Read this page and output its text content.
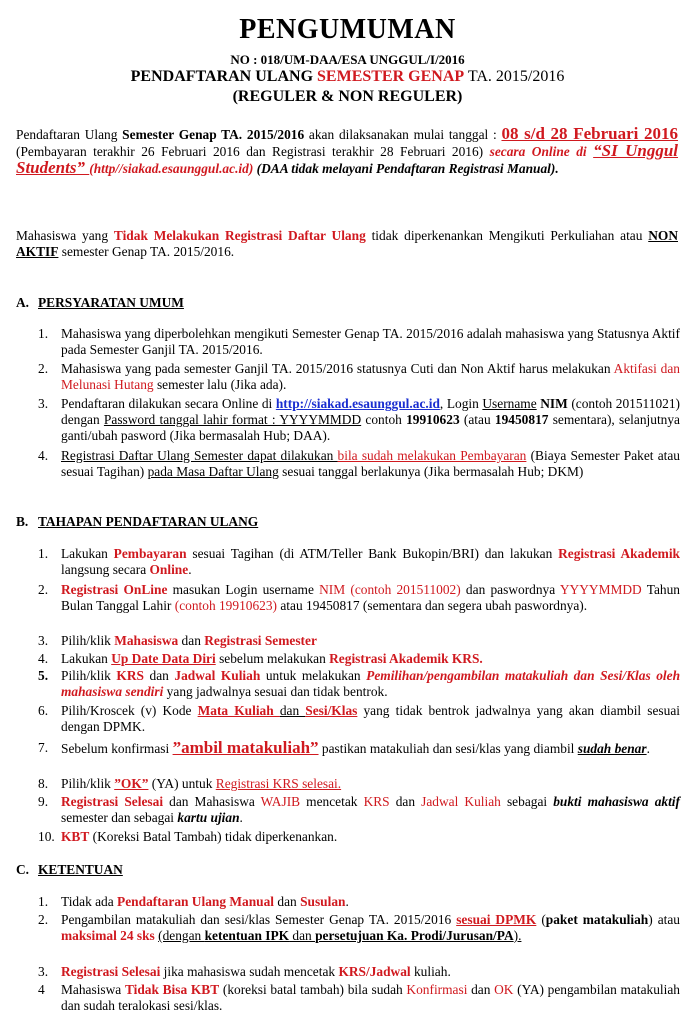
PENGUMUMAN
NO : 018/UM-DAA/ESA UNGGUL/I/2016
PENDAFTARAN ULANG SEMESTER GENAP TA. 2015/2016
(REGULER & NON REGULER)
Pendaftaran Ulang Semester Genap TA. 2015/2016 akan dilaksanakan mulai tanggal : 08 s/d 28 Februari 2016 (Pembayaran terakhir 26 Februari 2016 dan Registrasi terakhir 28 Februari 2016) secara Online di “SI Unggul Students” (http//siakad.esaunggul.ac.id) (DAA tidak melayani Pendaftaran Registrasi Manual).
Mahasiswa yang Tidak Melakukan Registrasi Daftar Ulang tidak diperkenankan Mengikuti Perkuliahan atau NON AKTIF semester Genap TA. 2015/2016.
A. PERSYARATAN UMUM
1. Mahasiswa yang diperbolehkan mengikuti Semester Genap TA. 2015/2016 adalah mahasiswa yang Statusnya Aktif pada Semester Ganjil TA. 2015/2016.
2. Mahasiswa yang pada semester Ganjil TA. 2015/2016 statusnya Cuti dan Non Aktif harus melakukan Aktifasi dan Melunasi Hutang semester lalu (Jika ada).
3. Pendaftaran dilakukan secara Online di http://siakad.esaunggul.ac.id, Login Username NIM (contoh 201511021) dengan Password tanggal lahir format : YYYYMMDD contoh 19910623 (atau 19450817 sementara), selanjutnya ganti/ubah pasword (Jika bermasalah Hub; DAA).
4. Registrasi Daftar Ulang Semester dapat dilakukan bila sudah melakukan Pembayaran (Biaya Semester Paket atau sesuai Tagihan) pada Masa Daftar Ulang sesuai tanggal berlakunya (Jika bermasalah Hub; DKM)
B. TAHAPAN PENDAFTARAN ULANG
1. Lakukan Pembayaran sesuai Tagihan (di ATM/Teller Bank Bukopin/BRI) dan lakukan Registrasi Akademik langsung secara Online.
2. Registrasi OnLine masukan Login username NIM (contoh 201511002) dan paswordnya YYYYMMDD Tahun Bulan Tanggal Lahir (contoh 19910623) atau 19450817 (sementara dan segera ubah paswordnya).
3. Pilih/klik Mahasiswa dan Registrasi Semester
4. Lakukan Up Date Data Diri sebelum melakukan Registrasi Akademik KRS.
5. Pilih/klik KRS dan Jadwal Kuliah untuk melakukan Pemilihan/pengambilan matakuliah dan Sesi/Klas oleh mahasiswa sendiri yang jadwalnya sesuai dan tidak bentrok.
6. Pilih/Kroscek (v) Kode Mata Kuliah dan Sesi/Klas yang tidak bentrok jadwalnya yang akan diambil sesuai dengan DPMK.
7. Sebelum konfirmasi ”ambil matakuliah” pastikan matakuliah dan sesi/klas yang diambil sudah benar.
8. Pilih/klik ”OK” (YA) untuk Registrasi KRS selesai.
9. Registrasi Selesai dan Mahasiswa WAJIB mencetak KRS dan Jadwal Kuliah sebagai bukti mahasiswa aktif semester dan sebagai kartu ujian.
10. KBT (Koreksi Batal Tambah) tidak diperkenankan.
C. KETENTUAN
1. Tidak ada Pendaftaran Ulang Manual dan Susulan.
2. Pengambilan matakuliah dan sesi/klas Semester Genap TA. 2015/2016 sesuai DPMK (paket matakuliah) atau maksimal 24 sks (dengan ketentuan IPK dan persetujuan Ka. Prodi/Jurusan/PA).
3. Registrasi Selesai jika mahasiswa sudah mencetak KRS/Jadwal kuliah.
4	Mahasiswa Tidak Bisa KBT (koreksi batal tambah) bila sudah Konfirmasi dan OK (YA) pengambilan matakuliah dan sudah teralokasi sesi/klas.
